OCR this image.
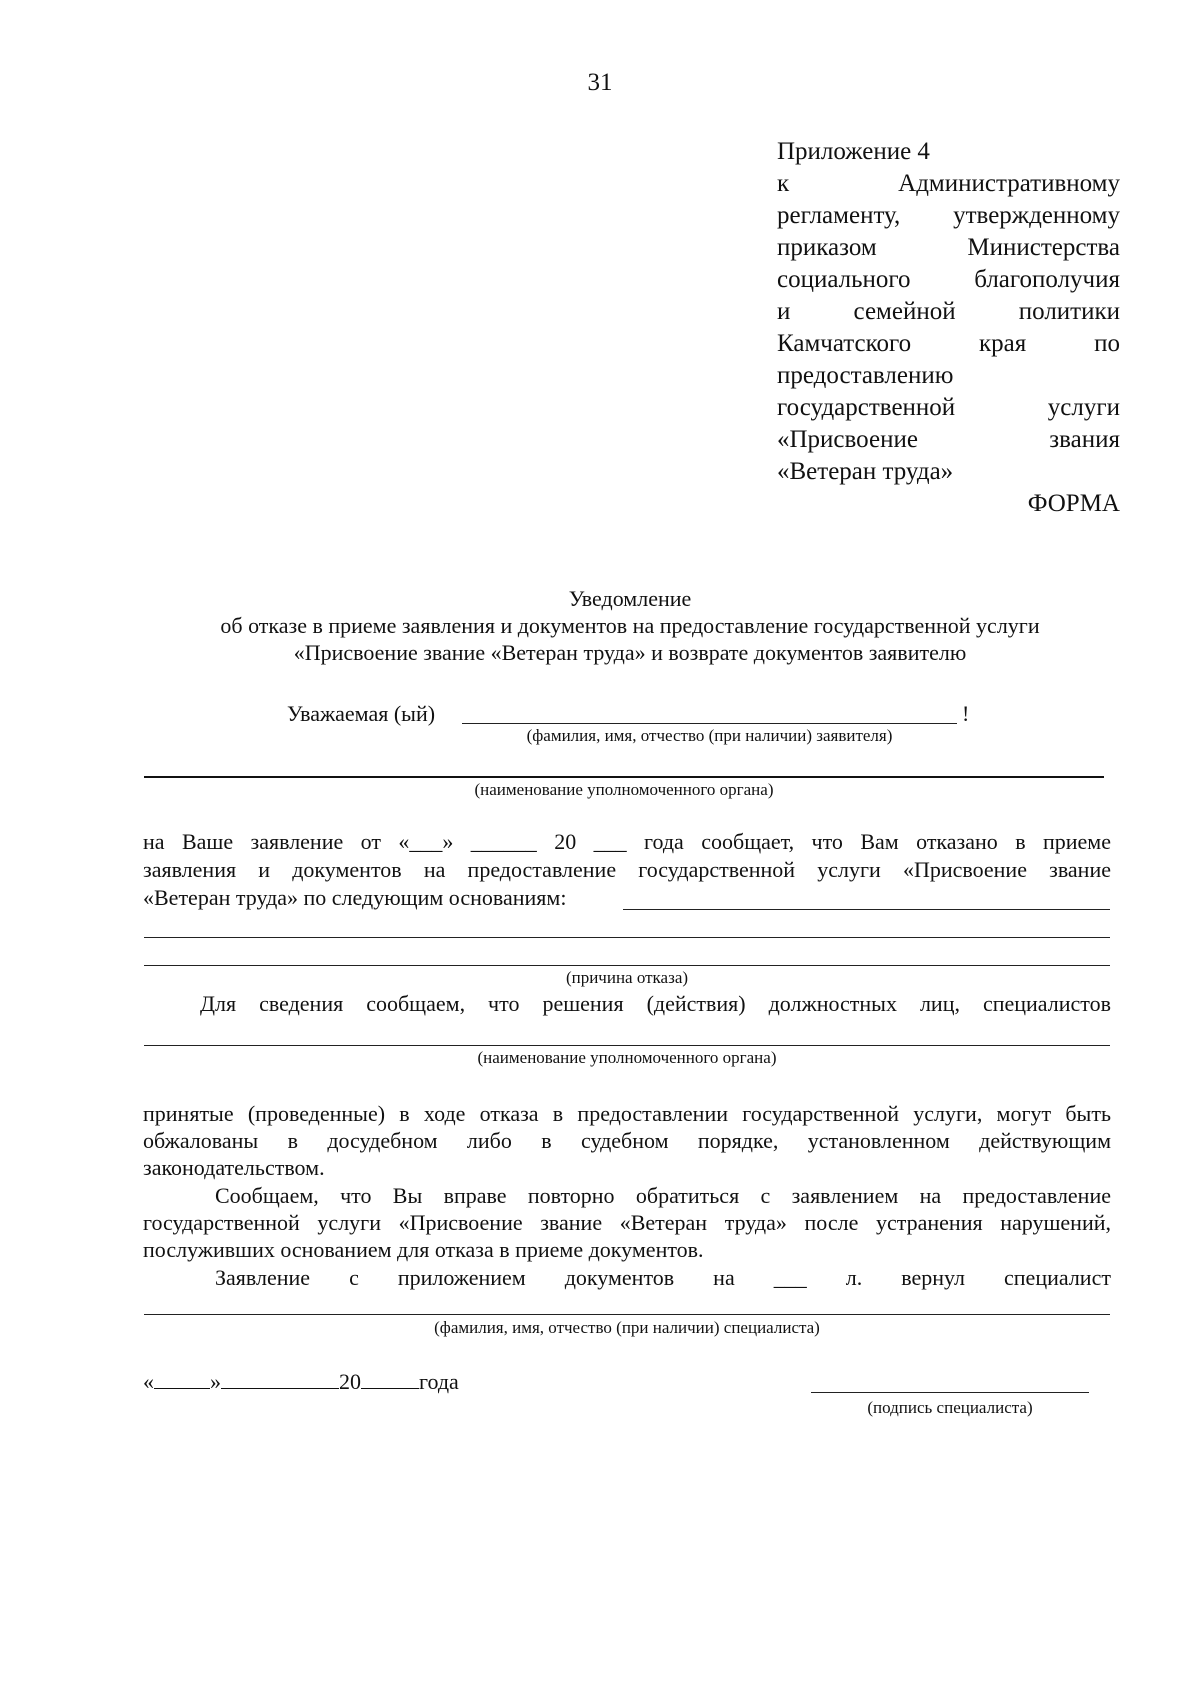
31
Приложение 4
к	Административному
регламенту, утвержденному
приказом	Министерства
социального	благополучия
и	семейной	политики
Камчатского	края	по
предоставлению
государственной	услуги
«Присвоение	звания
«Ветеран труда»
ФОРМА
Уведомление
об отказе в приеме заявления и документов на предоставление государственной услуги
«Присвоение звание «Ветеран труда» и возврате документов заявителю
Уважаемая (ый)	!
(фамилия, имя, отчество (при наличии) заявителя)
(наименование уполномоченного органа)
на Ваше заявление от «___» ______ 20 ___ года сообщает, что Вам отказано в приеме
заявления и документов на предоставление государственной услуги «Присвоение звание
«Ветеран труда» по следующим основаниям:
(причина отказа)
Для сведения сообщаем, что решения (действия) должностных лиц, специалистов
(наименование уполномоченного органа)
принятые (проведенные) в ходе отказа в предоставлении государственной услуги, могут быть
обжалованы в досудебном либо в судебном порядке, установленном действующим
законодательством.
Сообщаем, что Вы вправе повторно обратиться с заявлением на предоставление
государственной услуги «Присвоение звание «Ветеран труда» после устранения нарушений,
послуживших основанием для отказа в приеме документов.
Заявление с приложением документов на ___ л. вернул специалист
(фамилия, имя, отчество (при наличии) специалиста)
«	»	20	года
(подпись специалиста)
